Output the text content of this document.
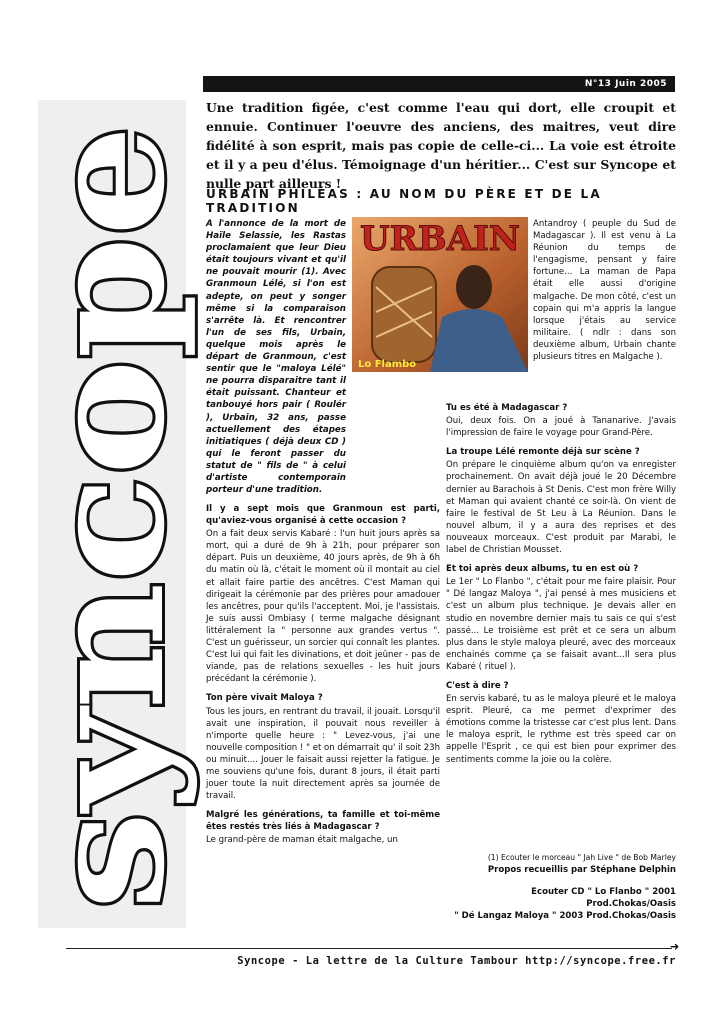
syncope
N°13 Juin 2005

Une tradition figée, c'est comme l'eau qui dort, elle croupit et ennuie. Continuer l'oeuvre des anciens, des maitres, veut dire fidélité à son esprit, mais pas copie de celle-ci... La voie est étroite et il y a peu d'élus. Témoignage d'un héritier... C'est sur Syncope et nulle part ailleurs !

URBAIN PHILÉAS : AU NOM DU PÈRE ET DE LA TRADITION

A l'annonce de la mort de Haïle Selassie, les Rastas proclamaient que leur Dieu était toujours vivant et qu'il ne pouvait mourir (1). Avec Granmoun Lélé, si l'on est adepte, on peut y songer même si la comparaison s'arrête là. Et rencontrer l'un de ses fils, Urbain, quelque mois après le départ de Granmoun, c'est sentir que le "maloya Lélé" ne pourra disparaitre tant il était puissant. Chanteur et tanbouyé hors pair ( Roulér ), Urbain, 32 ans, passe actuellement des étapes initiatiques ( déjà deux CD ) qui le feront passer du statut de " fils de " à celui d'artiste contemporain porteur d'une tradition.

URBAIN
Lo Flambo

Il y a sept mois que Granmoun est parti, qu'aviez-vous organisé à cette occasion ?

On a fait deux servis Kabaré : l'un huit jours après sa mort, qui a duré de 9h à 21h, pour préparer son départ. Puis un deuxième, 40 jours après, de 9h à 6h du matin où là, c'était le moment où il montait au ciel et allait faire partie des ancêtres. C'est Maman qui dirigeait la cérémonie par des prières pour amadouer les ancêtres, pour qu'ils l'acceptent. Moi, je l'assistais. Je suis aussi Ombiasy ( terme malgache désignant littéralement la " personne aux grandes vertus ". C'est un guérisseur, un sorcier qui connaît les plantes. C'est lui qui fait les divinations, et doit jeûner - pas de viande, pas de relations sexuelles - les huit jours précédant la cérémonie ).

Ton père vivait Maloya ?

Tous les jours, en rentrant du travail, il jouait. Lorsqu'il avait une inspiration, il pouvait nous reveiller à n'importe quelle heure : " Levez-vous, j'ai une nouvelle composition ! " et on démarrait qu' il soit 23h ou minuit.... Jouer le faisait aussi rejetter la fatigue. Je me souviens qu'une fois, durant 8 jours, il était parti jouer toute la nuit directement après sa journée de travail.

Malgré les générations, ta famille et toi-même êtes restés très liés à Madagascar ?

Le grand-père de maman était malgache, un

Antandroy ( peuple du Sud de Madagascar ). Il est venu à La Réunion du temps de l'engagisme, pensant y faire fortune... La maman de Papa était elle aussi d'origine malgache. De mon côté, c'est un copain qui m'a appris la langue lorsque j'étais au service militaire. ( ndlr : dans son deuxième album, Urbain chante plusieurs titres en Malgache ).

Tu es été à Madagascar ?

Oui, deux fois. On a joué à Tananarive. J'avais l'impression de faire le voyage pour Grand-Père.

La troupe Lélé remonte déjà sur scène ?

On prépare le cinquième album qu'on va enregister prochainement. On avait déjà joué le 20 Décembre dernier au Barachois à St Denis. C'est mon frère Willy et Maman qui avaient chanté ce soir-là. On vient de faire le festival de St Leu à La Réunion. Dans le nouvel album, il y a aura des reprises et des nouveaux morceaux. C'est produit par Marabi, le label de Christian Mousset.

Et toi après deux albums, tu en est où ?

Le 1er " Lo Flanbo ", c'était pour me faire plaisir. Pour " Dé langaz Maloya ", j'ai pensé à mes musiciens et c'est un album plus technique. Je devais aller en studio en novembre dernier mais tu sais ce qui s'est passé... Le troisième est prêt et ce sera un album plus dans le style maloya pleuré, avec des morceaux enchainés comme ça se faisait avant...Il sera plus Kabaré ( rituel ).

C'est à dire ?

En servis kabaré, tu as le maloya pleuré et le maloya esprit. Pleuré, ca me permet d'exprimer des émotions comme la tristesse car c'est plus lent. Dans le maloya esprit, le rythme est très speed car on appelle l'Esprit , ce qui est bien pour exprimer des sentiments comme la joie ou la colère.

(1) Ecouter le morceau " Jah Live " de Bob Marley

Propos recueillis par Stéphane Delphin

Ecouter CD " Lo Flanbo " 2001 Prod.Chokas/Oasis

" Dé Langaz Maloya " 2003 Prod.Chokas/Oasis

➜
Syncope - La lettre de la Culture Tambour http://syncope.free.fr
